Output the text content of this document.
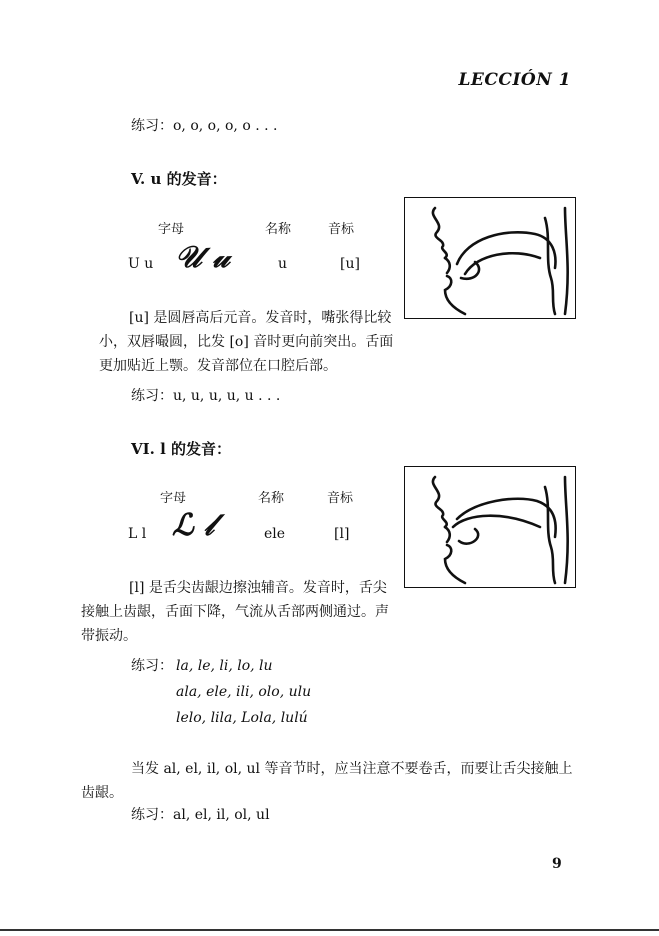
LECCIÓN 1
练习：o, o, o, o, o . . .
V. u 的发音：
字母	名称	音标
U u 𝒰 𝓊	u	[u]
[u] 是圆唇高后元音。发音时，嘴张得比较小，双唇嘬圆，比发 [o] 音时更向前突出。舌面更加贴近上颚。发音部位在口腔后部。
练习：u, u, u, u, u . . .
VI. l 的发音：
字母	名称	音标
L l ℒ 𝓁	ele	[l]
[l] 是舌尖齿龈边擦浊辅音。发音时，舌尖接触上齿龈，舌面下降，气流从舌部两侧通过。声带振动。
练习： la, le, li, lo, lu
ala, ele, ili, olo, ulu
lelo, lila, Lola, lulú
当发 al, el, il, ol, ul 等音节时，应当注意不要卷舌，而要让舌尖接触上齿龈。
练习：al, el, il, ol, ul
9
